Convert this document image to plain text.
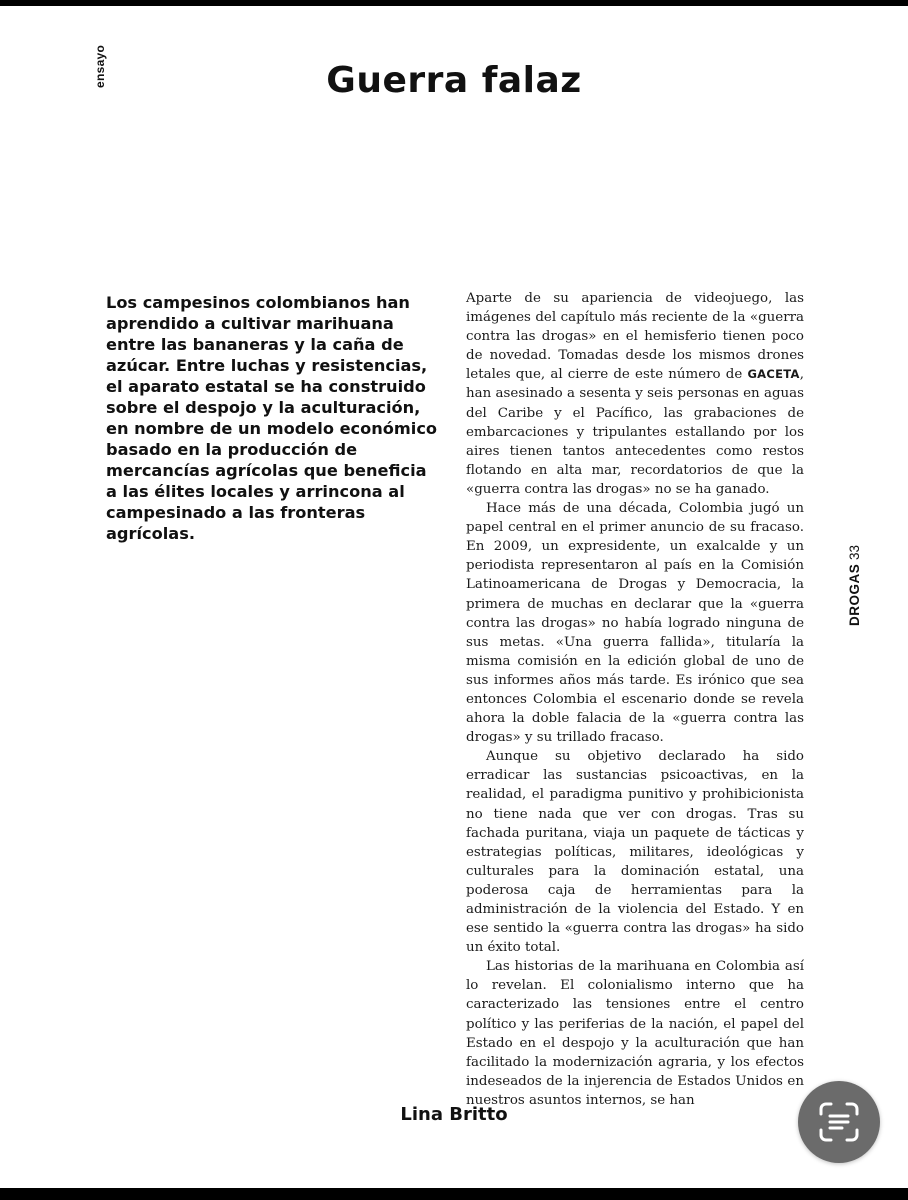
ensayo	Guerra falaz

Los campesinos colombianos han aprendido a cultivar marihuana entre las bananeras y la caña de azúcar. Entre luchas y resistencias, el aparato estatal se ha construido sobre el despojo y la aculturación, en nombre de un modelo económico basado en la producción de mercancías agrícolas que beneficia a las élites locales y arrincona al campesinado a las fronteras agrícolas.

Aparte de su apariencia de videojuego, las imágenes del capítulo más reciente de la «guerra contra las drogas» en el hemisferio tienen poco de novedad. Tomadas desde los mismos drones letales que, al cierre de este número de GACETA, han asesinado a sesenta y seis personas en aguas del Caribe y el Pacífico, las grabaciones de embarcaciones y tripulantes estallando por los aires tienen tantos antecedentes como restos flotando en alta mar, recordatorios de que la «guerra contra las drogas» no se ha ganado.

Hace más de una década, Colombia jugó un papel central en el primer anuncio de su fracaso. En 2009, un expresidente, un exalcalde y un periodista representaron al país en la Comisión Latinoamericana de Drogas y Democracia, la primera de muchas en declarar que la «guerra contra las drogas» no había logrado ninguna de sus metas. «Una guerra fallida», titularía la misma comisión en la edición global de uno de sus informes años más tarde. Es irónico que sea entonces Colombia el escenario donde se revela ahora la doble falacia de la «guerra contra las drogas» y su trillado fracaso.

Aunque su objetivo declarado ha sido erradicar las sustancias psicoactivas, en la realidad, el paradigma punitivo y prohibicionista no tiene nada que ver con drogas. Tras su fachada puritana, viaja un paquete de tácticas y estrategias políticas, militares, ideológicas y culturales para la dominación estatal, una poderosa caja de herramientas para la administración de la violencia del Estado. Y en ese sentido la «guerra contra las drogas» ha sido un éxito total.

Las historias de la marihuana en Colombia así lo revelan. El colonialismo interno que ha caracterizado las tensiones entre el centro político y las periferias de la nación, el papel del Estado en el despojo y la aculturación que han facilitado la modernización agraria, y los efectos indeseados de la injerencia de Estados Unidos en nuestros asuntos internos, se han

DROGAS 33
Lina Britto
